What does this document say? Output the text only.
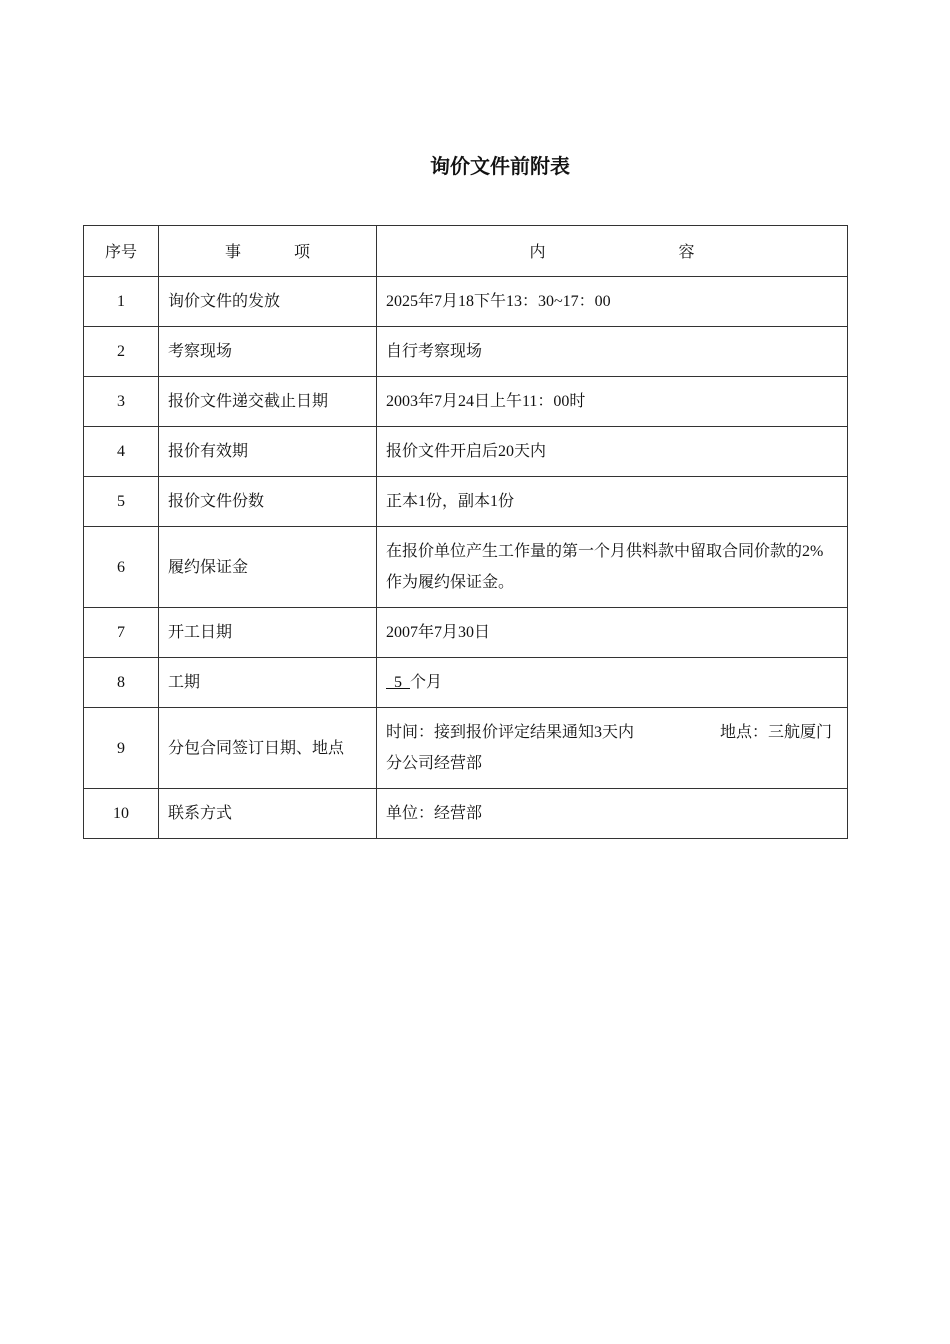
询价文件前附表
序号	事 项	内 容
1	询价文件的发放	2025年7月18下午13：30~17：00
2	考察现场	自行考察现场
3	报价文件递交截止日期	2003年7月24日上午11：00时
4	报价有效期	报价文件开启后20天内
5	报价文件份数	正本1份，副本1份
6	履约保证金	在报价单位产生工作量的第一个月供料款中留取合同价款的2%作为履约保证金。
7	开工日期	2007年7月30日
8	工期	5  个月
9	分包合同签订日期、地点	时间：接到报价评定结果通知3天内 地点：三航厦门分公司经营部
10	联系方式	单位：经营部
